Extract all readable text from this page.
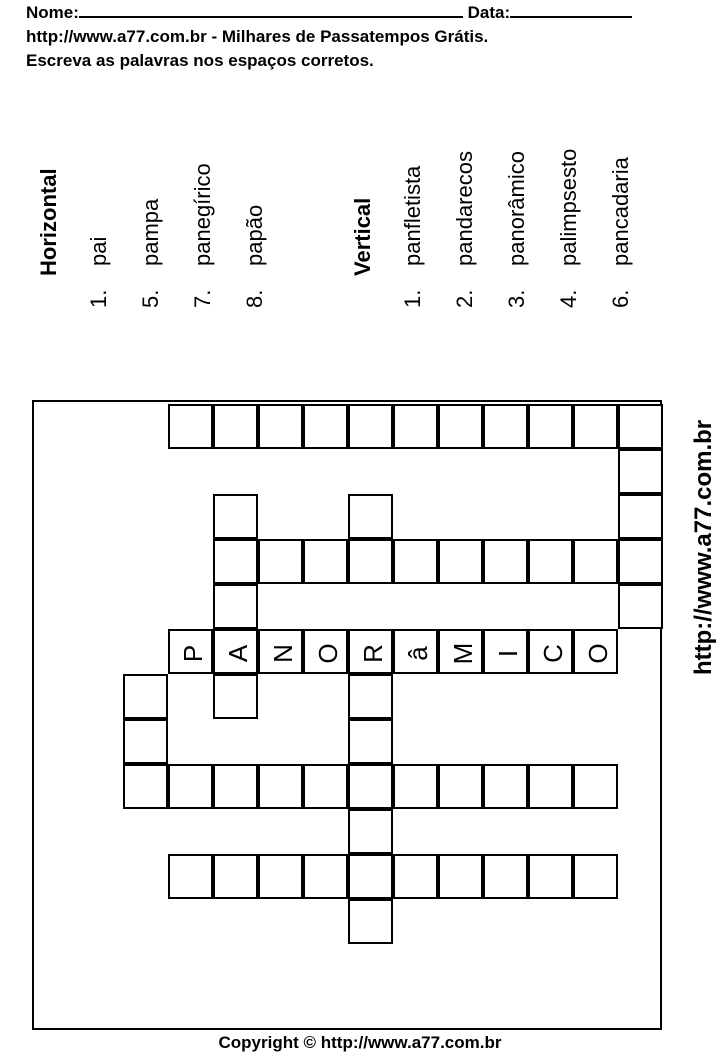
Nome:	Data:
http://www.a77.com.br - Milhares de Passatempos Grátis.
Escreva as palavras nos espaços corretos.
Horizontal
1.pai
5.pampa
7.panegírico
8.papão	Vertical
1.panfletista
2.pandarecos
3.panorâmico
4.palimpsesto
6.pancadaria
P A N O R â M I C O	http://www.a77.com.br
Copyright © http://www.a77.com.br
